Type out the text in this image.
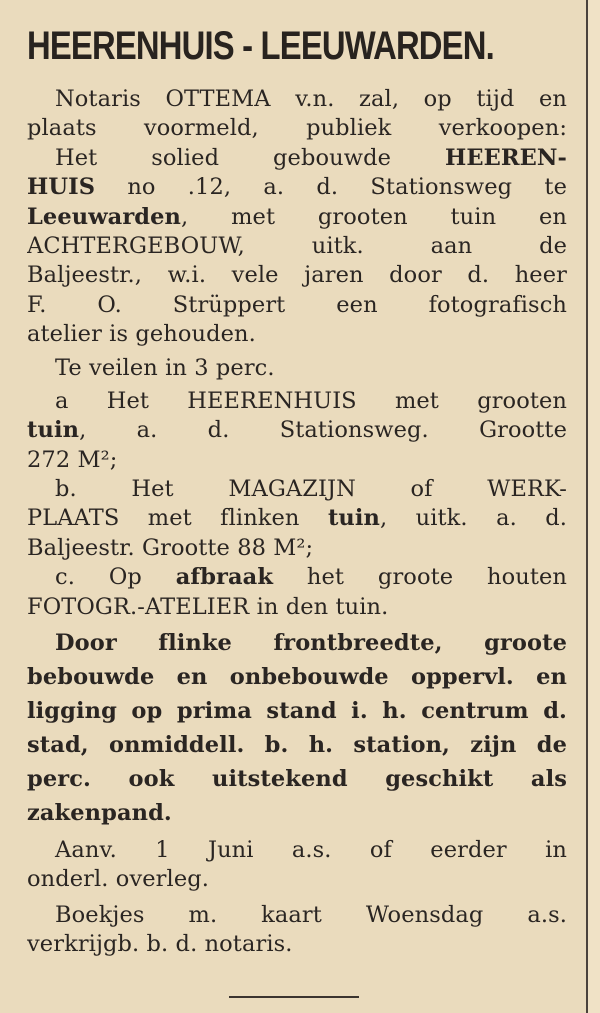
HEERENHUIS - LEEUWARDEN.
Notaris OTTEMA v.n. zal, op tijd en
plaats voormeld, publiek verkoopen:
Het solied gebouwde HEEREN-
HUIS no .12, a. d. Stationsweg te
Leeuwarden, met grooten tuin en
ACHTERGEBOUW, uitk. aan de
Baljeestr., w.i. vele jaren door d. heer
F. O. Strüppert een fotografisch
atelier is gehouden.
Te veilen in 3 perc.
a Het HEERENHUIS met grooten
tuin, a. d. Stationsweg. Grootte
272 M²;
b. Het MAGAZIJN of WERK-
PLAATS met flinken tuin, uitk. a. d.
Baljeestr. Grootte 88 M²;
c. Op afbraak het groote houten
FOTOGR.-ATELIER in den tuin.
Door flinke frontbreedte, groote
bebouwde en onbebouwde oppervl. en
ligging op prima stand i. h. centrum d.
stad, onmiddell. b. h. station, zijn de
perc. ook uitstekend geschikt als
zakenpand.
Aanv. 1 Juni a.s. of eerder in
onderl. overleg.
Boekjes m. kaart Woensdag a.s.
verkrijgb. b. d. notaris.
